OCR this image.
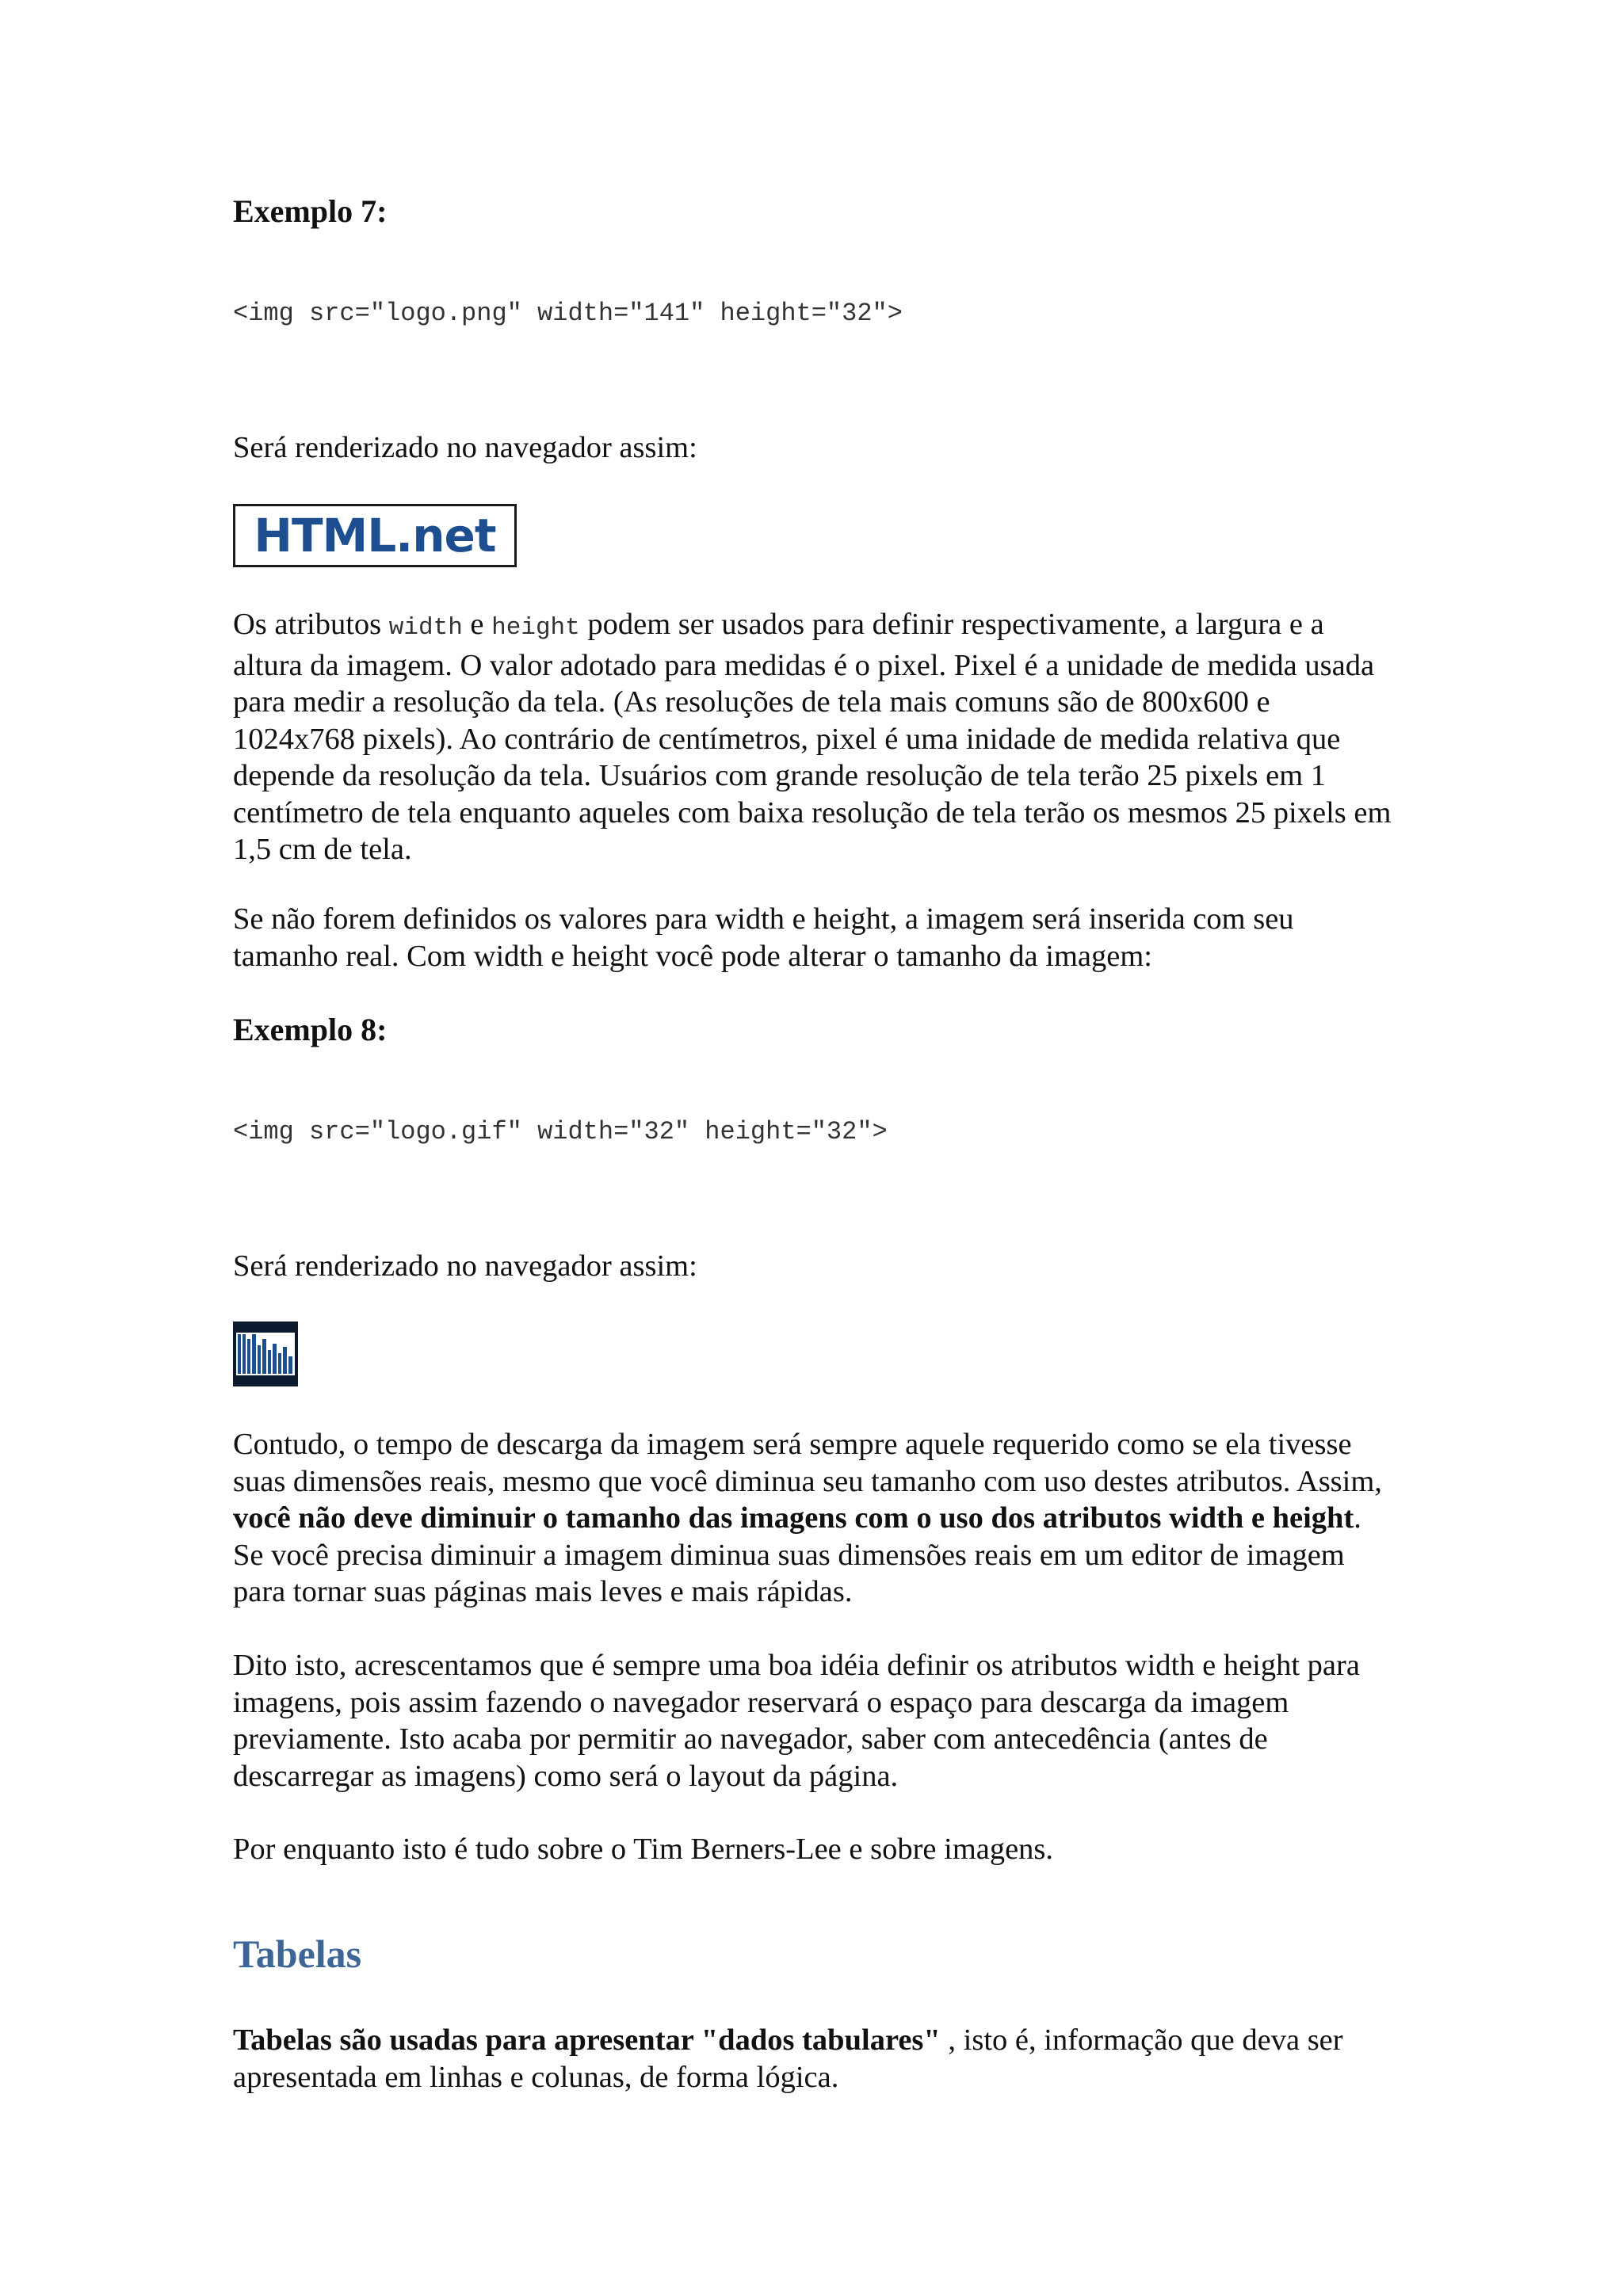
Exemplo 7:

<img src="logo.png" width="141" height="32">

Será renderizado no navegador assim:

HTML.net

Os atributos width e height podem ser usados para definir respectivamente, a largura e a altura da imagem. O valor adotado para medidas é o pixel. Pixel é a unidade de medida usada para medir a resolução da tela. (As resoluções de tela mais comuns são de 800x600 e 1024x768 pixels). Ao contrário de centímetros, pixel é uma inidade de medida relativa que depende da resolução da tela. Usuários com grande resolução de tela terão 25 pixels em 1 centímetro de tela enquanto aqueles com baixa resolução de tela terão os mesmos 25 pixels em 1,5 cm de tela.

Se não forem definidos os valores para width e height, a imagem será inserida com seu tamanho real. Com width e height você pode alterar o tamanho da imagem:

Exemplo 8:

<img src="logo.gif" width="32" height="32">

Será renderizado no navegador assim:

Contudo, o tempo de descarga da imagem será sempre aquele requerido como se ela tivesse suas dimensões reais, mesmo que você diminua seu tamanho com uso destes atributos. Assim, você não deve diminuir o tamanho das imagens com o uso dos atributos width e height. Se você precisa diminuir a imagem diminua suas dimensões reais em um editor de imagem para tornar suas páginas mais leves e mais rápidas.

Dito isto, acrescentamos que é sempre uma boa idéia definir os atributos width e height para imagens, pois assim fazendo o navegador reservará o espaço para descarga da imagem previamente. Isto acaba por permitir ao navegador, saber com antecedência (antes de descarregar as imagens) como será o layout da página.

Por enquanto isto é tudo sobre o Tim Berners-Lee e sobre imagens.

Tabelas

Tabelas são usadas para apresentar "dados tabulares" , isto é, informação que deva ser apresentada em linhas e colunas, de forma lógica.
